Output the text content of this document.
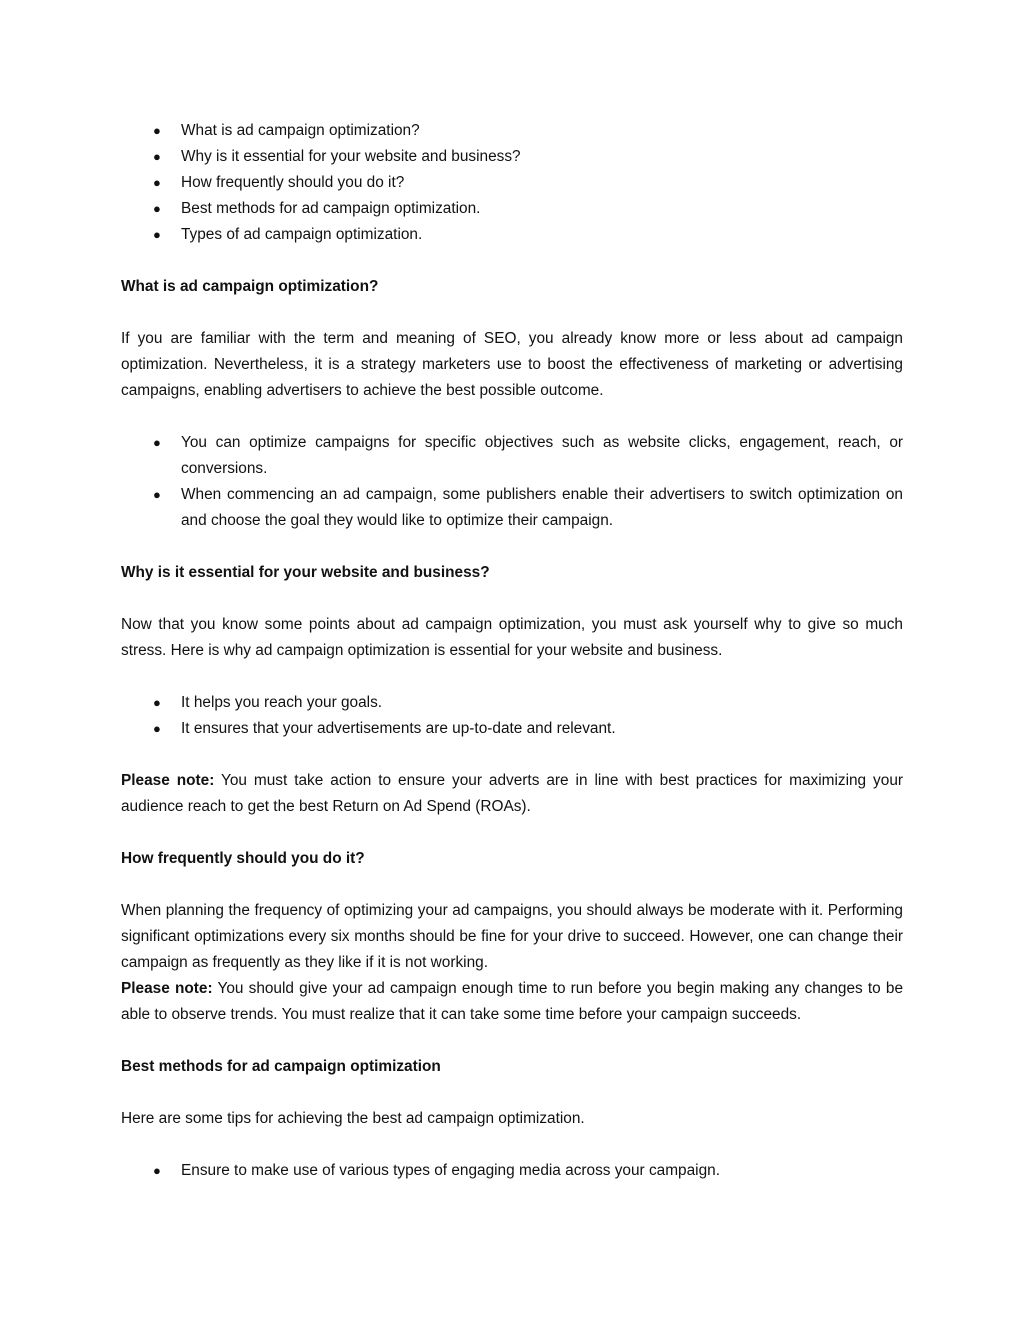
● What is ad campaign optimization?
● Why is it essential for your website and business?
● How frequently should you do it?
● Best methods for ad campaign optimization.
● Types of ad campaign optimization.
What is ad campaign optimization?

If you are familiar with the term and meaning of SEO, you already know more or less about ad campaign optimization. Nevertheless, it is a strategy marketers use to boost the effectiveness of marketing or advertising campaigns, enabling advertisers to achieve the best possible outcome.

● You can optimize campaigns for specific objectives such as website clicks, engagement, reach, or conversions.
● When commencing an ad campaign, some publishers enable their advertisers to switch optimization on and choose the goal they would like to optimize their campaign.
Why is it essential for your website and business?

Now that you know some points about ad campaign optimization, you must ask yourself why to give so much stress. Here is why ad campaign optimization is essential for your website and business.

● It helps you reach your goals.
● It ensures that your advertisements are up-to-date and relevant.

Please note: You must take action to ensure your adverts are in line with best practices for maximizing your audience reach to get the best Return on Ad Spend (ROAs).

How frequently should you do it?

When planning the frequency of optimizing your ad campaigns, you should always be moderate with it. Performing significant optimizations every six months should be fine for your drive to succeed. However, one can change their campaign as frequently as they like if it is not working.

Please note: You should give your ad campaign enough time to run before you begin making any changes to be able to observe trends. You must realize that it can take some time before your campaign succeeds.

Best methods for ad campaign optimization

Here are some tips for achieving the best ad campaign optimization.

● Ensure to make use of various types of engaging media across your campaign.
